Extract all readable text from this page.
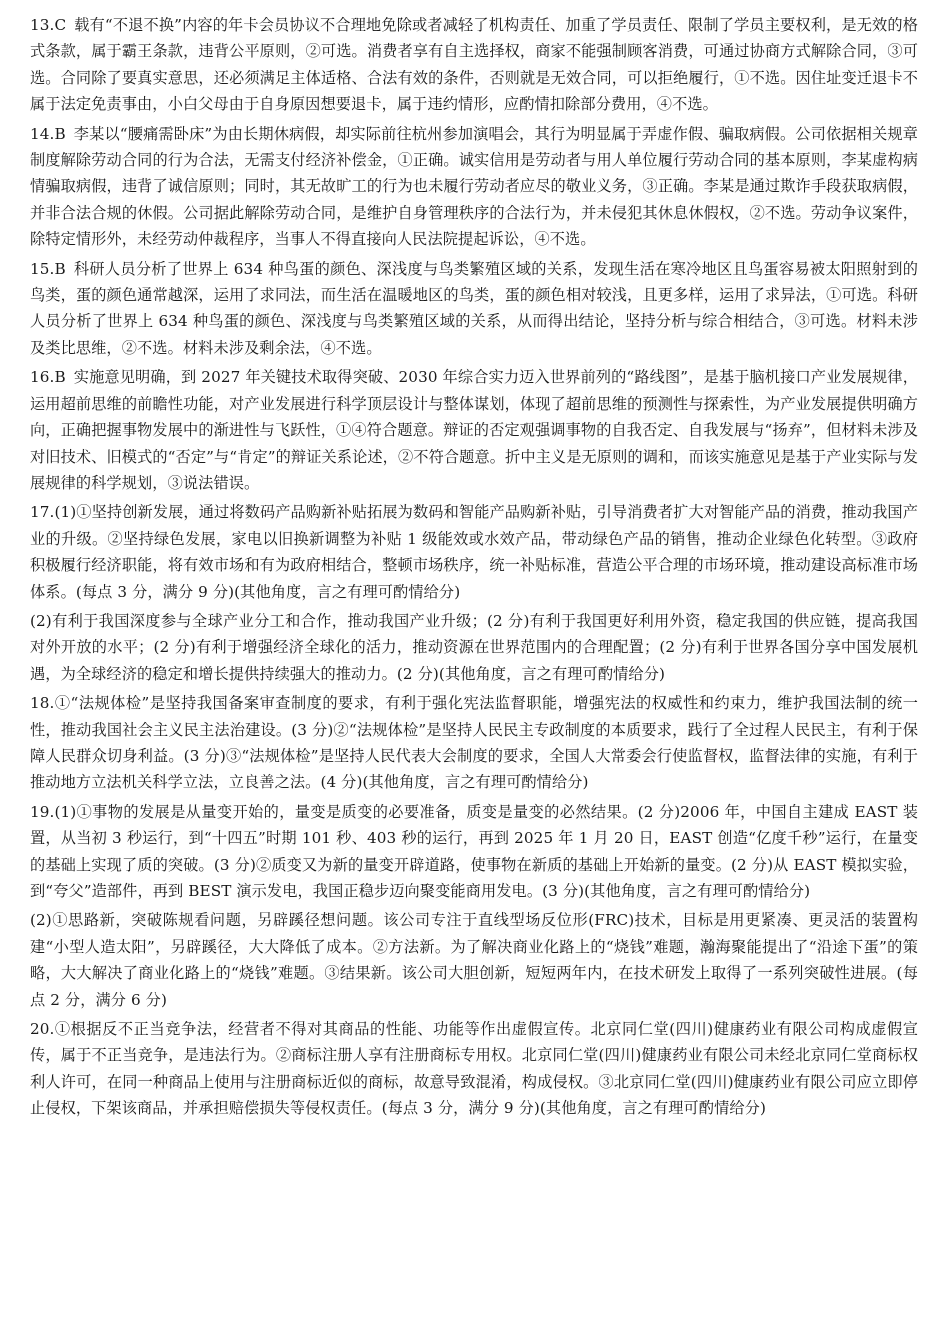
13.C 载有“不退不换”内容的年卡会员协议不合理地免除或者减轻了机构责任、加重了学员责任、限制了学员主要权利，是无效的格式条款，属于霸王条款，违背公平原则，②可选。消费者享有自主选择权，商家不能强制顾客消费，可通过协商方式解除合同，③可选。合同除了要真实意思，还必须满足主体适格、合法有效的条件，否则就是无效合同，可以拒绝履行，①不选。因住址变迁退卡不属于法定免责事由，小白父母由于自身原因想要退卡，属于违约情形，应酌情扣除部分费用，④不选。
14.B 李某以“腰痛需卧床”为由长期休病假，却实际前往杭州参加演唱会，其行为明显属于弄虚作假、骗取病假。公司依据相关规章制度解除劳动合同的行为合法，无需支付经济补偿金，①正确。诚实信用是劳动者与用人单位履行劳动合同的基本原则，李某虚构病情骗取病假，违背了诚信原则；同时，其无故旷工的行为也未履行劳动者应尽的敬业义务，③正确。李某是通过欺诈手段获取病假，并非合法合规的休假。公司据此解除劳动合同，是维护自身管理秩序的合法行为，并未侵犯其休息休假权，②不选。劳动争议案件，除特定情形外，未经劳动仲裁程序，当事人不得直接向人民法院提起诉讼，④不选。
15.B 科研人员分析了世界上 634 种鸟蛋的颜色、深浅度与鸟类繁殖区域的关系，发现生活在寒冷地区且鸟蛋容易被太阳照射到的鸟类，蛋的颜色通常越深，运用了求同法，而生活在温暖地区的鸟类，蛋的颜色相对较浅，且更多样，运用了求异法，①可选。科研人员分析了世界上 634 种鸟蛋的颜色、深浅度与鸟类繁殖区域的关系，从而得出结论，坚持分析与综合相结合，③可选。材料未涉及类比思维，②不选。材料未涉及剩余法，④不选。
16.B 实施意见明确，到 2027 年关键技术取得突破、2030 年综合实力迈入世界前列的“路线图”，是基于脑机接口产业发展规律，运用超前思维的前瞻性功能，对产业发展进行科学顶层设计与整体谋划，体现了超前思维的预测性与探索性，为产业发展提供明确方向，正确把握事物发展中的渐进性与飞跃性，①④符合题意。辩证的否定观强调事物的自我否定、自我发展与“扬弃”，但材料未涉及对旧技术、旧模式的“否定”与“肯定”的辩证关系论述，②不符合题意。折中主义是无原则的调和，而该实施意见是基于产业实际与发展规律的科学规划，③说法错误。
17.(1)①坚持创新发展，通过将数码产品购新补贴拓展为数码和智能产品购新补贴，引导消费者扩大对智能产品的消费，推动我国产业的升级。②坚持绿色发展，家电以旧换新调整为补贴 1 级能效或水效产品，带动绿色产品的销售，推动企业绿色化转型。③政府积极履行经济职能，将有效市场和有为政府相结合，整顿市场秩序，统一补贴标准，营造公平合理的市场环境，推动建设高标准市场体系。(每点 3 分，满分 9 分)(其他角度，言之有理可酌情给分)
(2)有利于我国深度参与全球产业分工和合作，推动我国产业升级；(2 分)有利于我国更好利用外资，稳定我国的供应链，提高我国对外开放的水平；(2 分)有利于增强经济全球化的活力，推动资源在世界范围内的合理配置；(2 分)有利于世界各国分享中国发展机遇，为全球经济的稳定和增长提供持续强大的推动力。(2 分)(其他角度，言之有理可酌情给分)
18.①“法规体检”是坚持我国备案审查制度的要求，有利于强化宪法监督职能，增强宪法的权威性和约束力，维护我国法制的统一性，推动我国社会主义民主法治建设。(3 分)②“法规体检”是坚持人民民主专政制度的本质要求，践行了全过程人民民主，有利于保障人民群众切身利益。(3 分)③“法规体检”是坚持人民代表大会制度的要求，全国人大常委会行使监督权，监督法律的实施，有利于推动地方立法机关科学立法，立良善之法。(4 分)(其他角度，言之有理可酌情给分)
19.(1)①事物的发展是从量变开始的，量变是质变的必要准备，质变是量变的必然结果。(2 分)2006 年，中国自主建成 EAST 装置，从当初 3 秒运行，到“十四五”时期 101 秒、403 秒的运行，再到 2025 年 1 月 20 日，EAST 创造“亿度千秒”运行，在量变的基础上实现了质的突破。(3 分)②质变又为新的量变开辟道路，使事物在新质的基础上开始新的量变。(2 分)从 EAST 模拟实验，到“夸父”造部件，再到 BEST 演示发电，我国正稳步迈向聚变能商用发电。(3 分)(其他角度，言之有理可酌情给分)
(2)①思路新，突破陈规看问题，另辟蹊径想问题。该公司专注于直线型场反位形(FRC)技术，目标是用更紧凑、更灵活的装置构建“小型人造太阳”，另辟蹊径，大大降低了成本。②方法新。为了解决商业化路上的“烧钱”难题，瀚海聚能提出了“沿途下蛋”的策略，大大解决了商业化路上的“烧钱”难题。③结果新。该公司大胆创新，短短两年内，在技术研发上取得了一系列突破性进展。(每点 2 分，满分 6 分)
20.①根据反不正当竞争法，经营者不得对其商品的性能、功能等作出虚假宣传。北京同仁堂(四川)健康药业有限公司构成虚假宣传，属于不正当竞争，是违法行为。②商标注册人享有注册商标专用权。北京同仁堂(四川)健康药业有限公司未经北京同仁堂商标权利人许可，在同一种商品上使用与注册商标近似的商标，故意导致混淆，构成侵权。③北京同仁堂(四川)健康药业有限公司应立即停止侵权，下架该商品，并承担赔偿损失等侵权责任。(每点 3 分，满分 9 分)(其他角度，言之有理可酌情给分)
